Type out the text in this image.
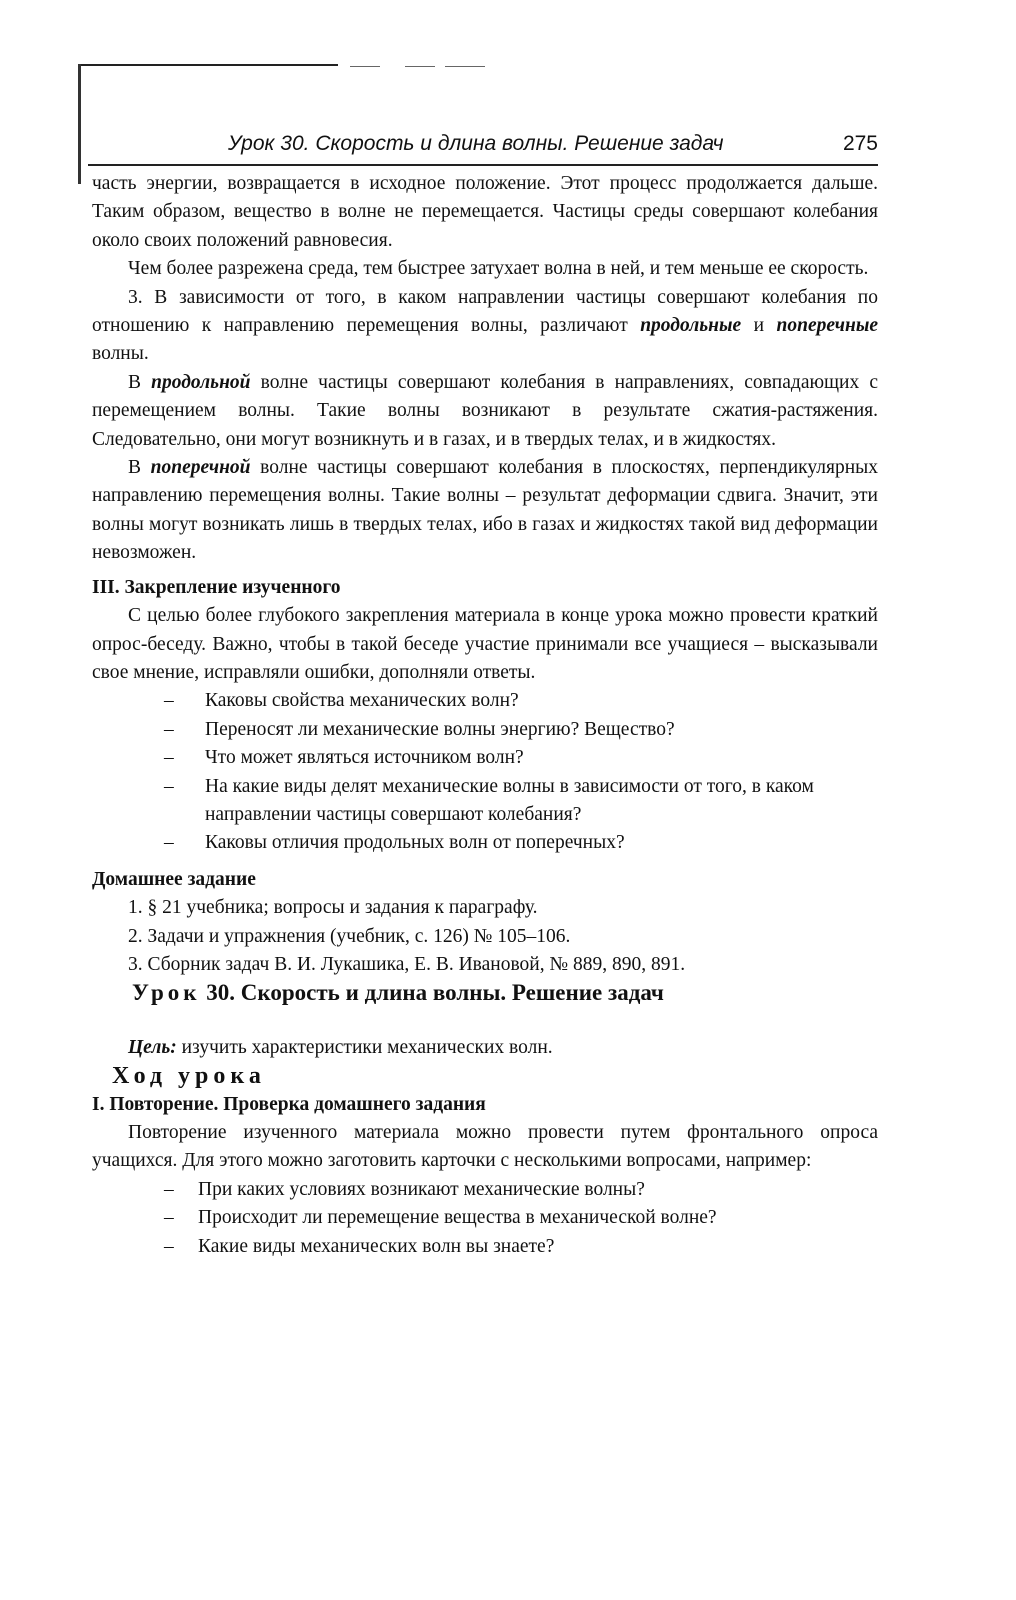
Урок 30. Скорость и длина волны. Решение задач	275

часть энергии, возвращается в исходное положение. Этот процесс продолжается дальше. Таким образом, вещество в волне не перемещается. Частицы среды совершают колебания около своих положений равновесия.

Чем более разрежена среда, тем быстрее затухает волна в ней, и тем меньше ее скорость.

3. В зависимости от того, в каком направлении частицы совершают колебания по отношению к направлению перемещения волны, различают продольные и поперечные волны.

В продольной волне частицы совершают колебания в направлениях, совпадающих с перемещением волны. Такие волны возникают в результате сжатия-растяжения. Следовательно, они могут возникнуть и в газах, и в твердых телах, и в жидкостях.

В поперечной волне частицы совершают колебания в плоскостях, перпендикулярных направлению перемещения волны. Такие волны – результат деформации сдвига. Значит, эти волны могут возникать лишь в твердых телах, ибо в газах и жидкостях такой вид деформации невозможен.

III. Закрепление изученного

С целью более глубокого закрепления материала в конце урока можно провести краткий опрос-беседу. Важно, чтобы в такой беседе участие принимали все учащиеся – высказывали свое мнение, исправляли ошибки, дополняли ответы.

– Каковы свойства механических волн?
– Переносят ли механические волны энергию? Вещество?
– Что может являться источником волн?
– На какие виды делят механические волны в зависимости от того, в каком направлении частицы совершают колебания?
– Каковы отличия продольных волн от поперечных?

Домашнее задание

1. § 21 учебника; вопросы и задания к параграфу.
2. Задачи и упражнения (учебник, с. 126) № 105–106.
3. Сборник задач В. И. Лукашика, Е. В. Ивановой, № 889, 890, 891.

Урок 30. Скорость и длина волны. Решение задач

Цель: изучить характеристики механических волн.

Ход урока

I. Повторение. Проверка домашнего задания

Повторение изученного материала можно провести путем фронтального опроса учащихся. Для этого можно заготовить карточки с несколькими вопросами, например:

– При каких условиях возникают механические волны?
– Происходит ли перемещение вещества в механической волне?
– Какие виды механических волн вы знаете?
